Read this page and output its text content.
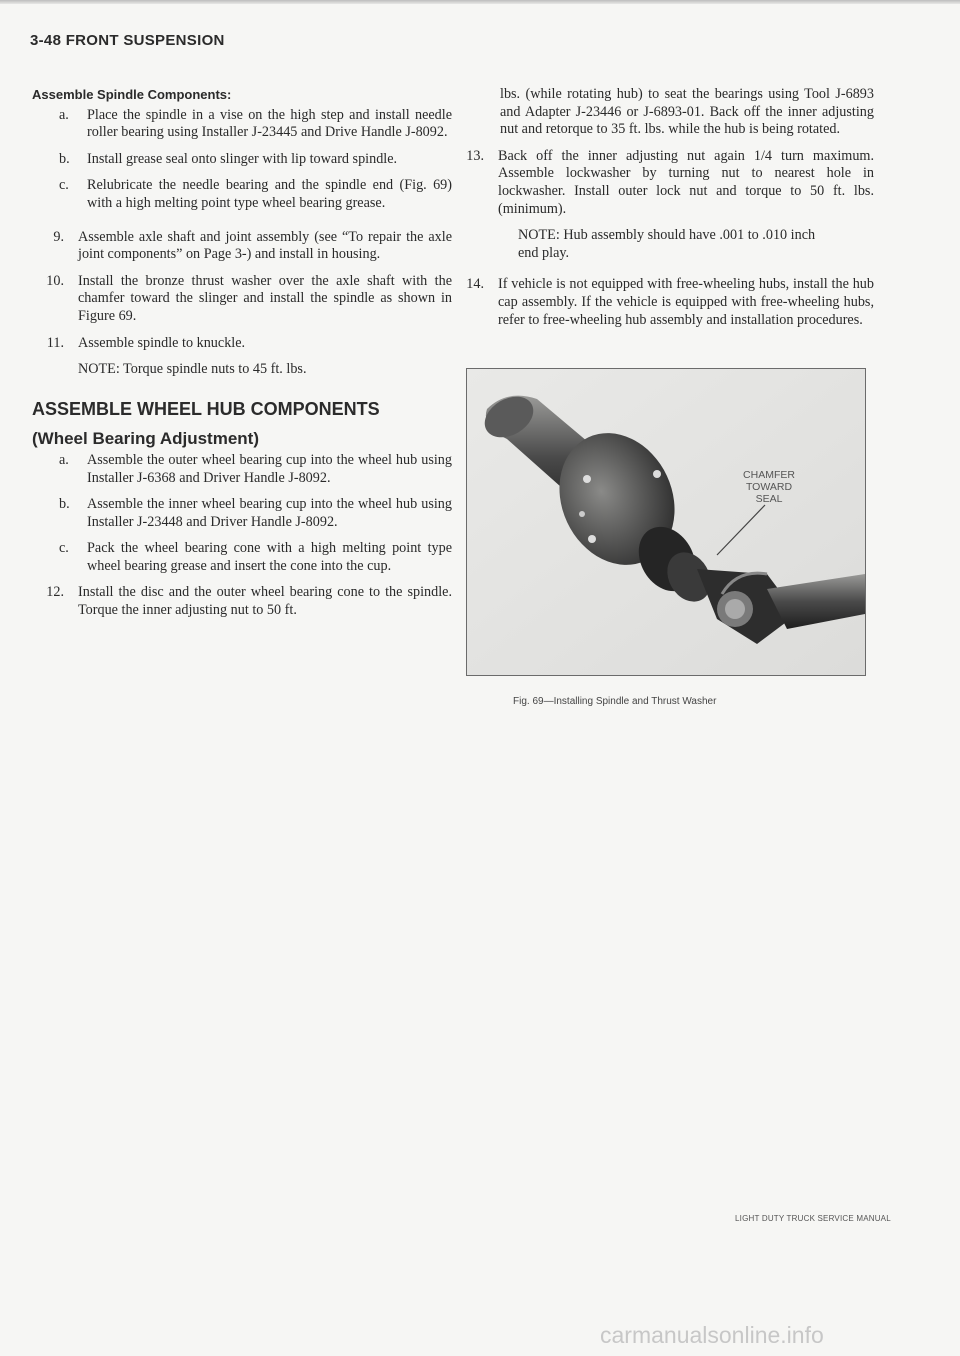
3-48 FRONT SUSPENSION
Assemble Spindle Components:
a.	Place the spindle in a vise on the high step and install needle roller bearing using Installer J-23445 and Drive Handle J-8092.
b.	Install grease seal onto slinger with lip toward spindle.
c.	Relubricate the needle bearing and the spindle end (Fig. 69) with a high melting point type wheel bearing grease.
9. Assemble axle shaft and joint assembly (see “To repair the axle joint components” on Page 3-) and install in housing.
10. Install the bronze thrust washer over the axle shaft with the chamfer toward the slinger and install the spindle as shown in Figure 69.
11. Assemble spindle to knuckle.
NOTE: Torque spindle nuts to 45 ft. lbs.
ASSEMBLE WHEEL HUB COMPONENTS
(Wheel Bearing Adjustment)
a.	Assemble the outer wheel bearing cup into the wheel hub using Installer J-6368 and Driver Handle J-8092.
b.	Assemble the inner wheel bearing cup into the wheel hub using Installer J-23448 and Driver Handle J-8092.
c.	Pack the wheel bearing cone with a high melting point type wheel bearing grease and insert the cone into the cup.
12. Install the disc and the outer wheel bearing cone to the spindle. Torque the inner adjusting nut to 50 ft.
lbs. (while rotating hub) to seat the bearings using Tool J-6893 and Adapter J-23446 or J-6893-01. Back off the inner adjusting nut and retorque to 35 ft. lbs. while the hub is being rotated.
13. Back off the inner adjusting nut again 1/4 turn maximum. Assemble lockwasher by turning nut to nearest hole in lockwasher. Install outer lock nut and torque to 50 ft. lbs. (minimum).
NOTE: Hub assembly should have .001 to .010 inch end play.
14. If vehicle is not equipped with free-wheeling hubs, install the hub cap assembly. If the vehicle is equipped with free-wheeling hubs, refer to free-wheeling hub assembly and installation procedures.
CHAMFER
TOWARD
SEAL
Fig. 69—Installing Spindle and Thrust Washer
LIGHT DUTY TRUCK SERVICE MANUAL
carmanualsonline.info
